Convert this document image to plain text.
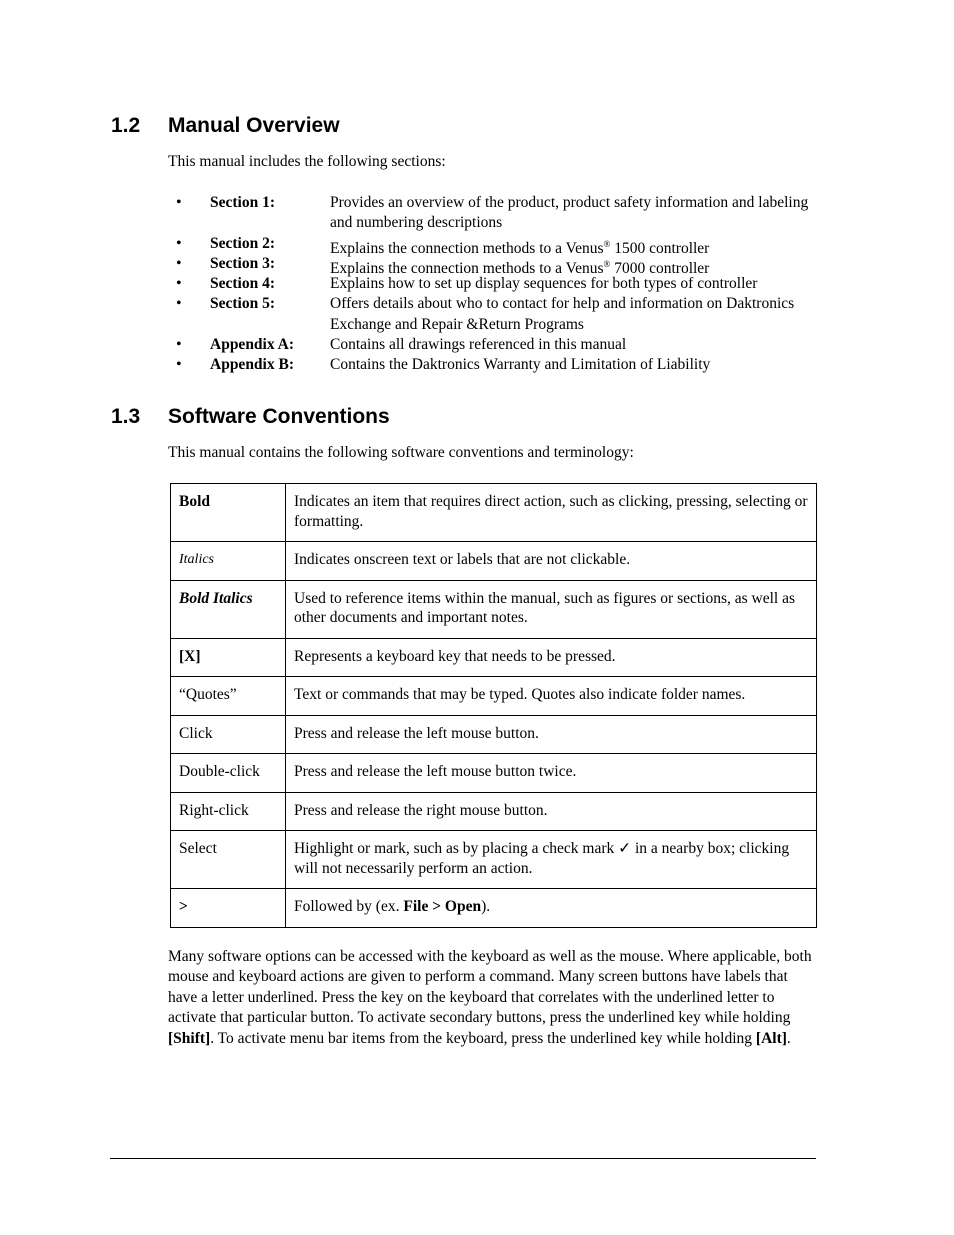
1.2 Manual Overview

This manual includes the following sections:

•
Section 1:	Provides an overview of the product, product safety information and labeling and numbering descriptions
•
Section 2:	Explains the connection methods to a Venus® 1500 controller
•
Section 3:	Explains the connection methods to a Venus® 7000 controller
•
Section 4:	Explains how to set up display sequences for both types of controller
•
Section 5:	Offers details about who to contact for help and information on Daktronics Exchange and Repair &Return Programs
•
Appendix A: Contains all drawings referenced in this manual
•
Appendix B: Contains the Daktronics Warranty and Limitation of Liability
1.3 Software Conventions

This manual contains the following software conventions and terminology:

Bold	Indicates an item that requires direct action, such as clicking, pressing, selecting or formatting.
Italics	Indicates onscreen text or labels that are not clickable.
Bold Italics	Used to reference items within the manual, such as figures or sections, as well as other documents and important notes.
[X]	Represents a keyboard key that needs to be pressed.
“Quotes”	Text or commands that may be typed. Quotes also indicate folder names.
Click	Press and release the left mouse button.
Double-click	Press and release the left mouse button twice.
Right-click	Press and release the right mouse button.
Select	Highlight or mark, such as by placing a check mark ✓ in a nearby box; clicking will not necessarily perform an action.
>	Followed by (ex. File > Open).

Many software options can be accessed with the keyboard as well as the mouse. Where applicable, both mouse and keyboard actions are given to perform a command. Many screen buttons have labels that have a letter underlined. Press the key on the keyboard that correlates with the underlined letter to activate that particular button. To activate secondary buttons, press the underlined key while holding [Shift]. To activate menu bar items from the keyboard, press the underlined key while holding [Alt].
